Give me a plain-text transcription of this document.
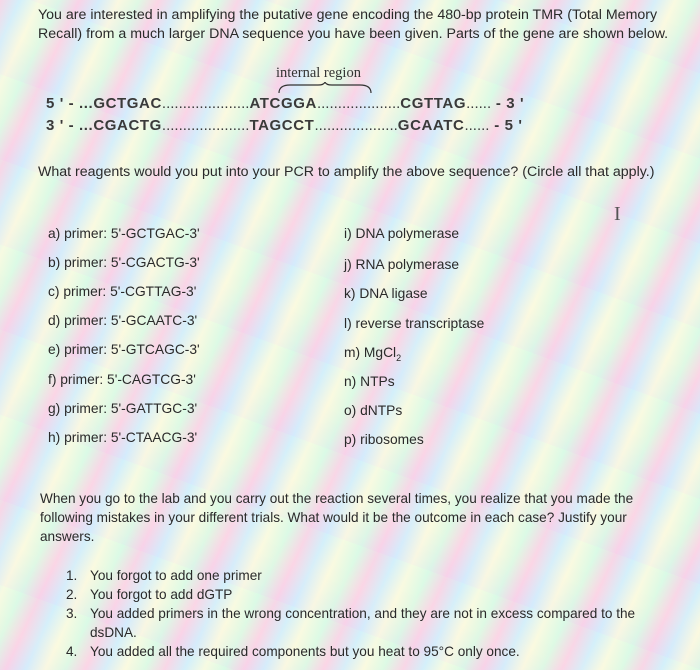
You are interested in amplifying the putative gene encoding the 480-bp protein TMR (Total Memory Recall) from a much larger DNA sequence you have been given. Parts of the gene are shown below.
internal region
5 ' - ...GCTGAC.....................ATCGGA....................CGTTAG...... - 3 '
3 ' - ...CGACTG.....................TAGCCT....................GCAATC...... - 5 '
What reagents would you put into your PCR to amplify the above sequence? (Circle all that apply.)
I
a) primer: 5'-GCTGAC-3'
b) primer: 5'-CGACTG-3'
c) primer: 5'-CGTTAG-3'
d) primer: 5'-GCAATC-3'
e) primer: 5'-GTCAGC-3'
f) primer: 5'-CAGTCG-3'
g) primer: 5'-GATTGC-3'
h) primer: 5'-CTAACG-3'
i) DNA polymerase
j) RNA polymerase
k) DNA ligase
l) reverse transcriptase
m) MgCl$_2$
n) NTPs
o) dNTPs
p) ribosomes
When you go to the lab and you carry out the reaction several times, you realize that you made the following mistakes in your different trials. What would it be the outcome in each case? Justify your answers.
1. You forgot to add one primer
2. You forgot to add dGTP
3. You added primers in the wrong concentration, and they are not in excess compared to the dsDNA.
4. You added all the required components but you heat to 95°C only once.
